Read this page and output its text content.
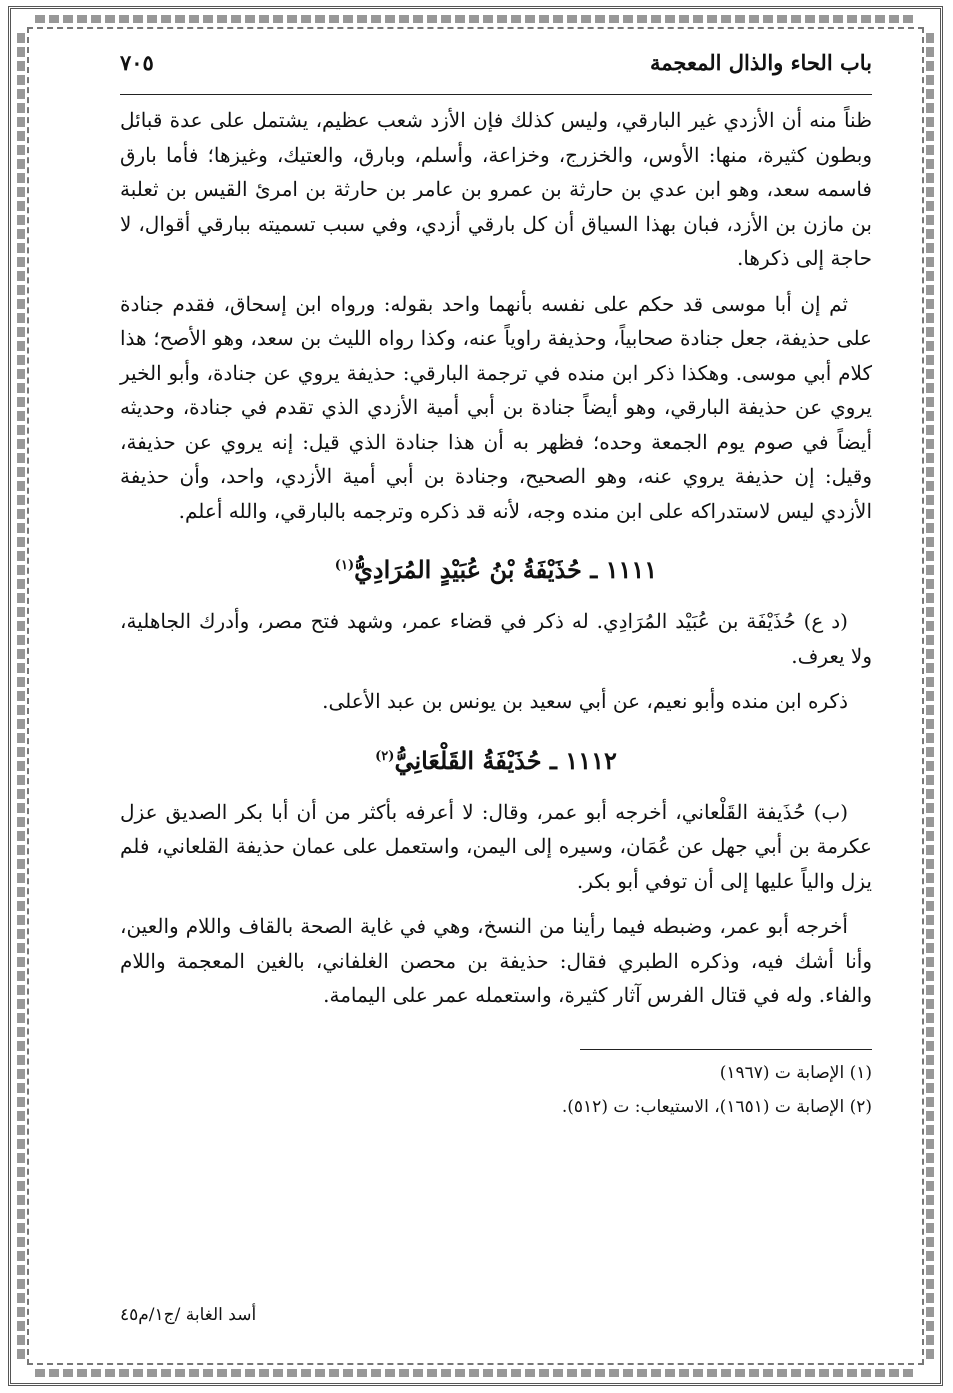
باب الحاء والذال المعجمة
٧٠٥

ظناً منه أن الأزدي غير البارقي، وليس كذلك فإن الأزد شعب عظيم، يشتمل على عدة قبائل وبطون كثيرة، منها: الأوس، والخزرج، وخزاعة، وأسلم، وبارق، والعتيك، وغيزها؛ فأما بارق فاسمه سعد، وهو ابن عدي بن حارثة بن عمرو بن عامر بن حارثة بن امرئ القيس بن ثعلبة بن مازن بن الأزد، فبان بهذا السياق أن كل بارقي أزدي، وفي سبب تسميته ببارقي أقوال، لا حاجة إلى ذكرها.

ثم إن أبا موسى قد حكم على نفسه بأنهما واحد بقوله: ورواه ابن إسحاق، فقدم جنادة على حذيفة، جعل جنادة صحابياً، وحذيفة راوياً عنه، وكذا رواه الليث بن سعد، وهو الأصح؛ هذا كلام أبي موسى. وهكذا ذكر ابن منده في ترجمة البارقي: حذيفة يروي عن جنادة، وأبو الخير يروي عن حذيفة البارقي، وهو أيضاً جنادة بن أبي أمية الأزدي الذي تقدم في جنادة، وحديثه أيضاً في صوم يوم الجمعة وحده؛ فظهر به أن هذا جنادة الذي قيل: إنه يروي عن حذيفة، وقيل: إن حذيفة يروي عنه، وهو الصحيح، وجنادة بن أبي أمية الأزدي، واحد، وأن حذيفة الأزدي ليس لاستدراكه على ابن منده وجه، لأنه قد ذكره وترجمه بالبارقي، والله أعلم.

١١١١ ـ حُذَيْفَةُ بْنُ عُبَيْدٍ المُرَادِيُّ$^{(١)}$

(د ع) حُذَيْفَة بن عُبَيْد المُرَادِي. له ذكر في قضاء عمر، وشهد فتح مصر، وأدرك الجاهلية، ولا يعرف.

ذكره ابن منده وأبو نعيم، عن أبي سعيد بن يونس بن عبد الأعلى.

١١١٢ ـ حُذَيْفَةُ القَلْعَانِيُّ$^{(٢)}$

(ب) حُذَيفة القَلْعاني، أخرجه أبو عمر، وقال: لا أعرفه بأكثر من أن أبا بكر الصديق عزل عكرمة بن أبي جهل عن عُمَان، وسيره إلى اليمن، واستعمل على عمان حذيفة القلعاني، فلم يزل والياً عليها إلى أن توفي أبو بكر.

أخرجه أبو عمر، وضبطه فيما رأينا من النسخ، وهي في غاية الصحة بالقاف واللام والعين، وأنا أشك فيه، وذكره الطبري فقال: حذيفة بن محصن الغلفاني، بالغين المعجمة واللام والفاء. وله في قتال الفرس آثار كثيرة، واستعمله عمر على اليمامة.

(١) الإصابة ت (١٩٦٧)
(٢) الإصابة ت (١٦٥١)، الاستيعاب: ت (٥١٢).
أسد الغابة /ج١/م٤٥
